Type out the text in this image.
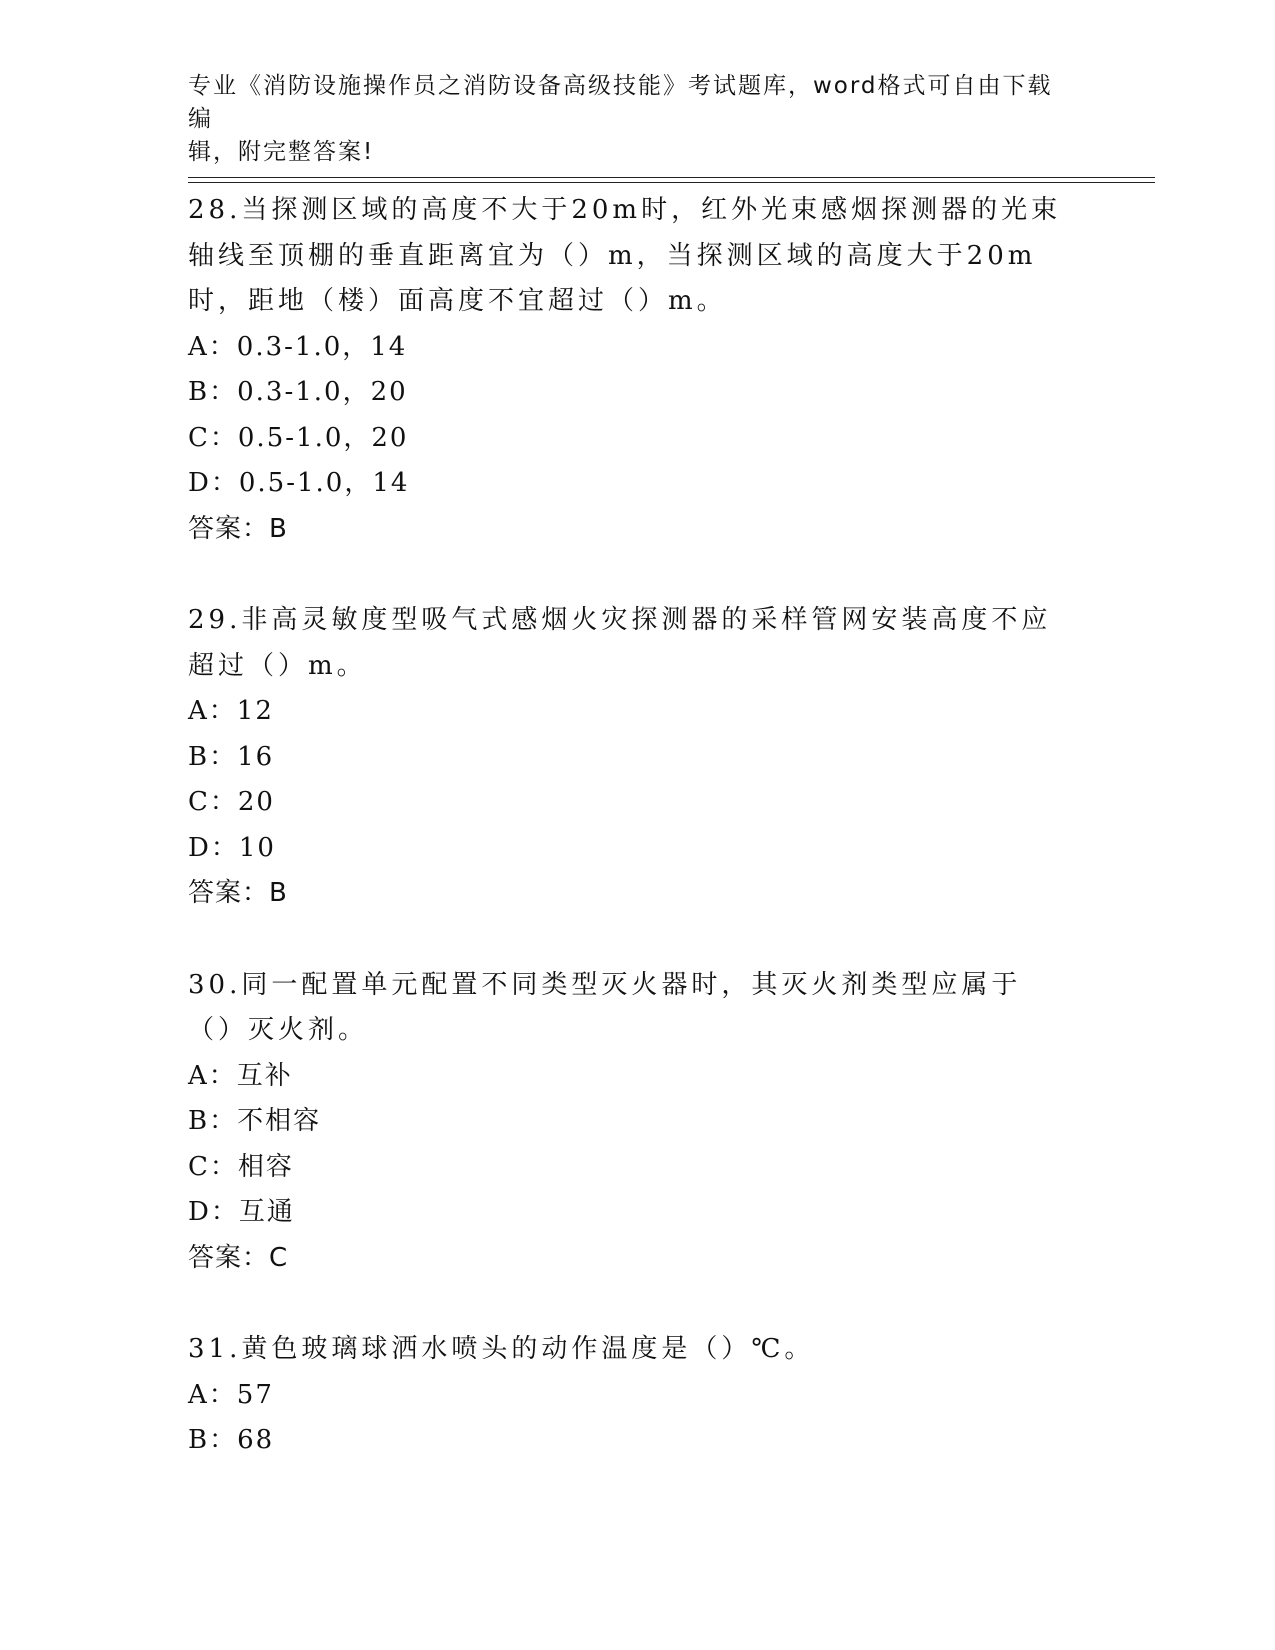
专业《消防设施操作员之消防设备高级技能》考试题库，word格式可自由下载编
辑，附完整答案!

28.当探测区域的高度不大于20m时，红外光束感烟探测器的光束轴线至顶棚的垂直距离宜为（）m，当探测区域的高度大于20m时，距地（楼）面高度不宜超过（）m。

A：0.3-1.0，14

B：0.3-1.0，20

C：0.5-1.0，20

D：0.5-1.0，14

答案：B

29.非高灵敏度型吸气式感烟火灾探测器的采样管网安装高度不应超过（）m。

A：12

B：16

C：20

D：10

答案：B

30.同一配置单元配置不同类型灭火器时，其灭火剂类型应属于（）灭火剂。

A：互补

B：不相容

C：相容

D：互通

答案：C

31.黄色玻璃球洒水喷头的动作温度是（）℃。

A：57

B：68
